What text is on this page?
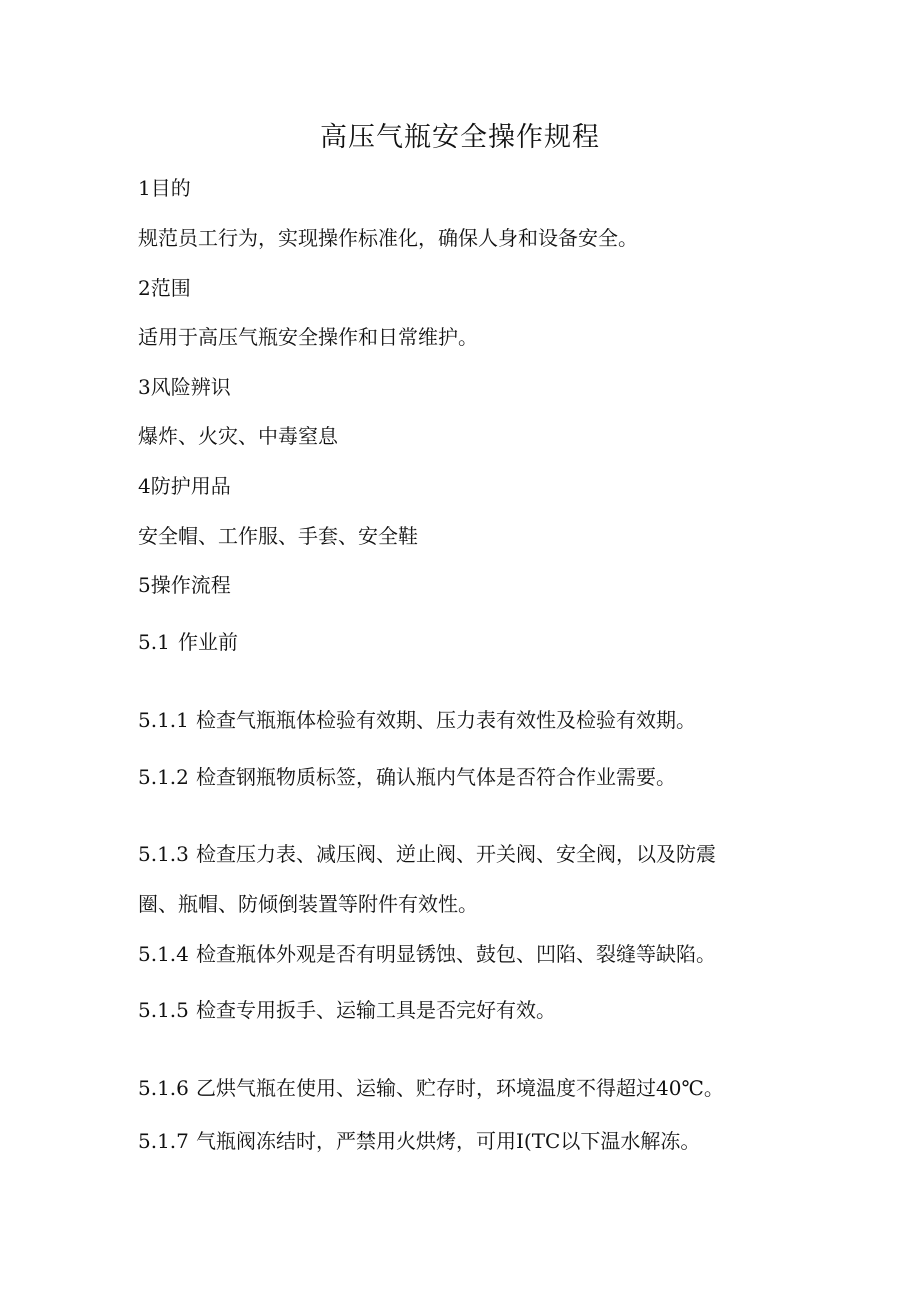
高压气瓶安全操作规程
1目的
规范员工行为，实现操作标准化，确保人身和设备安全。
2范围
适用于高压气瓶安全操作和日常维护。
3风险辨识
爆炸、火灾、中毒窒息
4防护用品
安全帽、工作服、手套、安全鞋
5操作流程
5.1 作业前
5.1.1 检查气瓶瓶体检验有效期、压力表有效性及检验有效期。
5.1.2 检查钢瓶物质标签，确认瓶内气体是否符合作业需要。
5.1.3 检查压力表、减压阀、逆止阀、开关阀、安全阀，以及防震
圈、瓶帽、防倾倒装置等附件有效性。
5.1.4 检查瓶体外观是否有明显锈蚀、鼓包、凹陷、裂缝等缺陷。
5.1.5 检查专用扳手、运输工具是否完好有效。
5.1.6 乙烘气瓶在使用、运输、贮存时，环境温度不得超过40℃。
5.1.7 气瓶阀冻结时，严禁用火烘烤，可用I(TC以下温水解冻。
